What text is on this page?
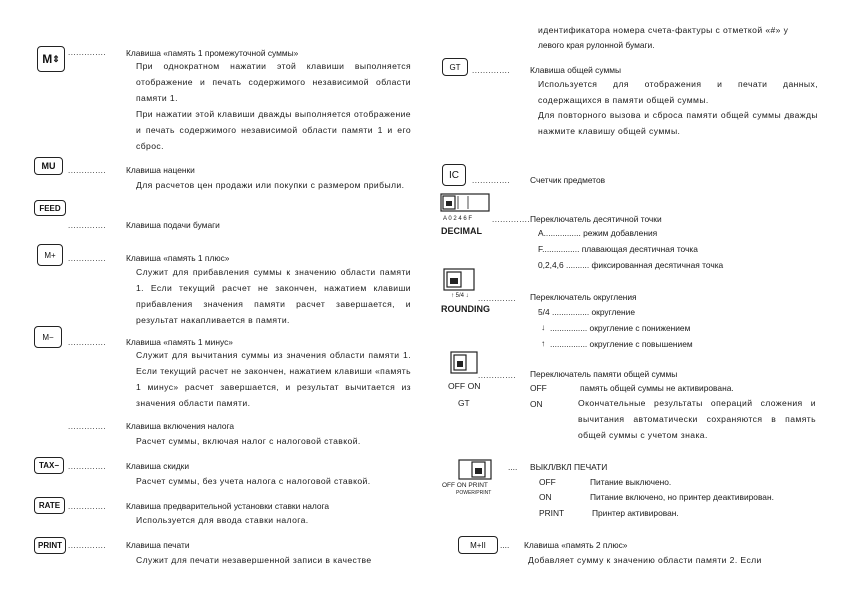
M ⇕
.............. Клавиша «память 1 промежуточной суммы»
При однократном нажатии этой клавиши выполняется отображение и печать содержимого независимой области памяти 1.
При нажатии этой клавиши дважды выполняется отображение и печать содержимого независимой области памяти 1 и его сброс.
MU .............. Клавиша наценки
Для расчетов цен продажи или покупки с размером прибыли.
FEED
.............. Клавиша подачи бумаги
M+ .............. Клавиша «память 1 плюс»
Служит для прибавления суммы к значению области памяти 1. Если текущий расчет не закончен, нажатием клавиши прибавления значения памяти расчет завершается, и результат накапливается в памяти.
M−
.............. Клавиша «память 1 минус»
Служит для вычитания суммы из значения области памяти 1. Если текущий расчет не закончен, нажатием клавиши «память 1 минус» расчет завершается, и результат вычитается из значения области памяти.
.............. Клавиша включения налога
Расчет суммы, включая налог с налоговой ставкой.
TAX− .............. Клавиша скидки
Расчет суммы, без учета налога с налоговой ставкой.
RATE .............. Клавиша предварительной установки ставки налога
Используется для ввода ставки налога.
PRINT .............. Клавиша печати
Служит для печати незавершенной записи в качестве
идентификатора номера счета-фактуры с отметкой «#» у
левого края рулонной бумаги.
GT .............. Клавиша общей суммы
Используется для отображения и печати данных, содержащихся в памяти общей суммы.
Для повторного вызова и сброса памяти общей суммы дважды нажмите клавишу общей суммы.
IC .............. Счетчик предметов
A 0 2 4 6 F
DECIMAL
.............. Переключатель десятичной точки
A................ режим добавления
F................ плавающая десятичная точка
0,2,4,6 .......... фиксированная десятичная точка
↑ 5/4 ↓
ROUNDING
.............. Переключатель округления
5/4 ................ округление
↓ ................ округление с понижением
↑ ................ округление с повышением
OFF ON
GT
.............. Переключатель памяти общей суммы
OFF	память общей суммы не активирована.
ON	Окончательные результаты операций сложения и вычитания автоматически сохраняются в память общей суммы с учетом знака.
OFF ON PRINT
POWER/PRINT
.... ВЫКЛ/ВКЛ ПЕЧАТИ
OFF	Питание выключено.
ON	Питание включено, но принтер деактивирован.
PRINT	Принтер активирован.
M+II .... Клавиша «память 2 плюс»
Добавляет сумму к значению области памяти 2. Если
